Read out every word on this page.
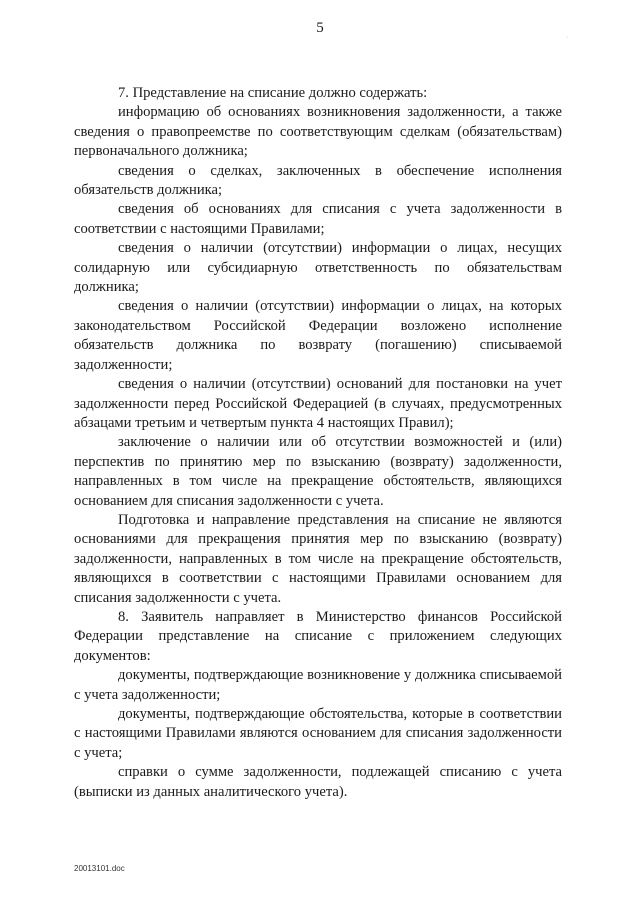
5
·

7. Представление на списание должно содержать:

информацию об основаниях возникновения задолженности, а также сведения о правопреемстве по соответствующим сделкам (обязательствам) первоначального должника;

сведения о сделках, заключенных в обеспечение исполнения обязательств должника;

сведения об основаниях для списания с учета задолженности в соответствии с настоящими Правилами;

сведения о наличии (отсутствии) информации о лицах, несущих солидарную или субсидиарную ответственность по обязательствам должника;

сведения о наличии (отсутствии) информации о лицах, на которых законодательством Российской Федерации возложено исполнение обязательств должника по возврату (погашению) списываемой задолженности;

сведения о наличии (отсутствии) оснований для постановки на учет задолженности перед Российской Федерацией (в случаях, предусмотренных абзацами третьим и четвертым пункта 4 настоящих Правил);

заключение о наличии или об отсутствии возможностей и (или) перспектив по принятию мер по взысканию (возврату) задолженности, направленных в том числе на прекращение обстоятельств, являющихся основанием для списания задолженности с учета.

Подготовка и направление представления на списание не являются основаниями для прекращения принятия мер по взысканию (возврату) задолженности, направленных в том числе на прекращение обстоятельств, являющихся в соответствии с настоящими Правилами основанием для списания задолженности с учета.

8. Заявитель направляет в Министерство финансов Российской Федерации представление на списание с приложением следующих документов:

документы, подтверждающие возникновение у должника списываемой с учета задолженности;

документы, подтверждающие обстоятельства, которые в соответствии с настоящими Правилами являются основанием для списания задолженности с учета;

справки о сумме задолженности, подлежащей списанию с учета (выписки из данных аналитического учета).

20013101.doc
